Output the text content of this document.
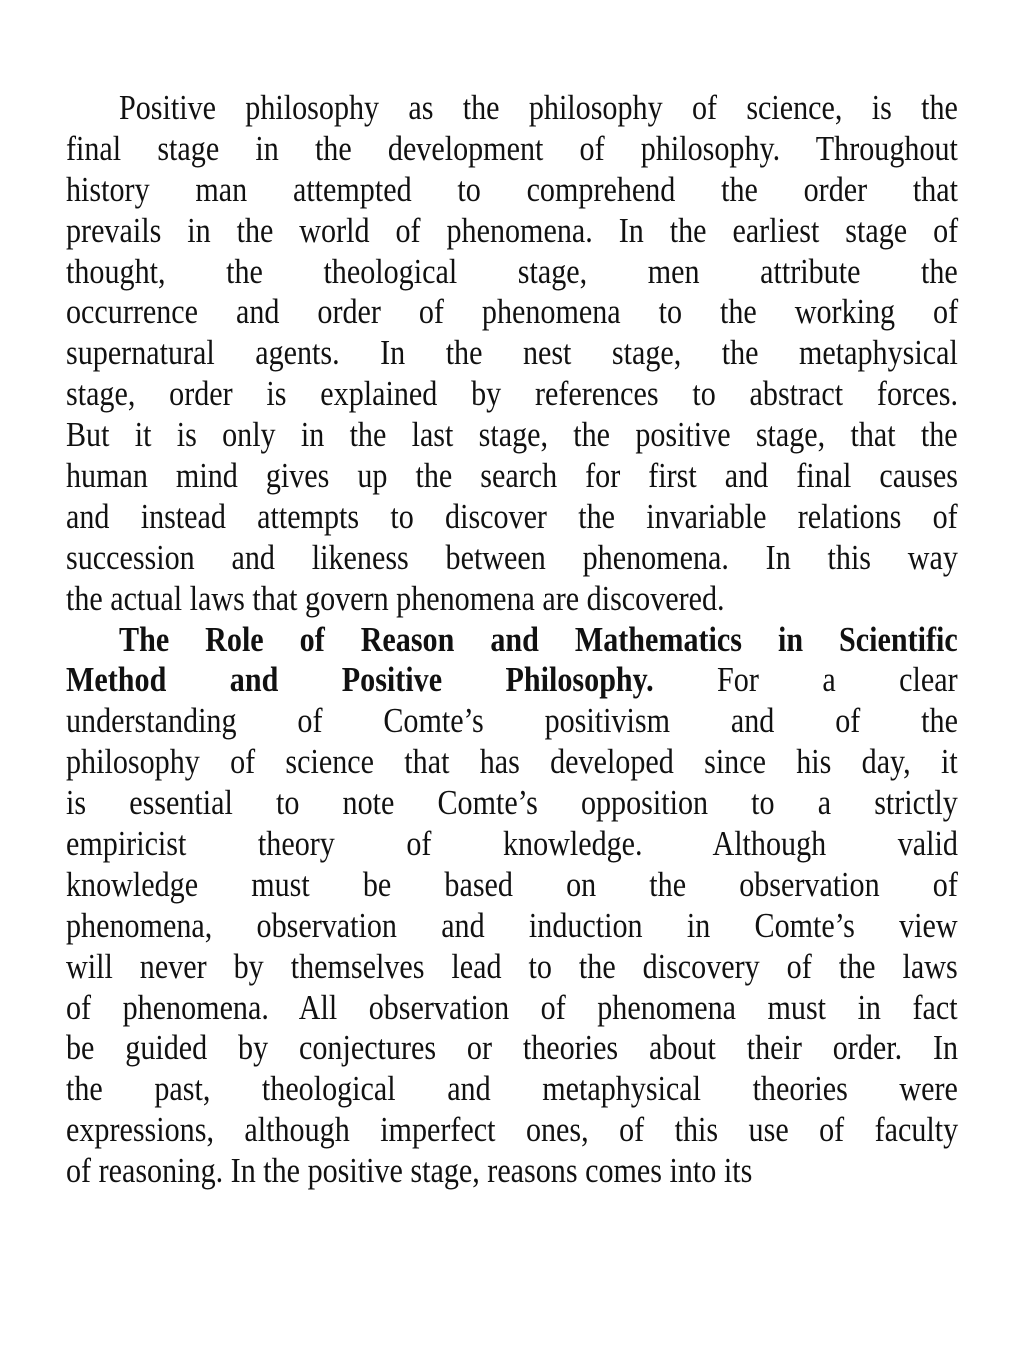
Positive philosophy as the philosophy of science, is the
final stage in the development of philosophy. Throughout
history man attempted to comprehend the order that
prevails in the world of phenomena. In the earliest stage of
thought, the theological stage, men attribute the
occurrence and order of phenomena to the working of
supernatural agents. In the nest stage, the metaphysical
stage, order is explained by references to abstract forces.
But it is only in the last stage, the positive stage, that the
human mind gives up the search for first and final causes
and instead attempts to discover the invariable relations of
succession and likeness between phenomena. In this way
the actual laws that govern phenomena are discovered.
The Role of Reason and Mathematics in Scientific
Method and Positive Philosophy. For a clear
understanding of Comte’s positivism and of the
philosophy of science that has developed since his day, it
is essential to note Comte’s opposition to a strictly
empiricist theory of knowledge. Although valid
knowledge must be based on the observation of
phenomena, observation and induction in Comte’s view
will never by themselves lead to the discovery of the laws
of phenomena. All observation of phenomena must in fact
be guided by conjectures or theories about their order. In
the past, theological and metaphysical theories were
expressions, although imperfect ones, of this use of faculty
of reasoning. In the positive stage, reasons comes into its
